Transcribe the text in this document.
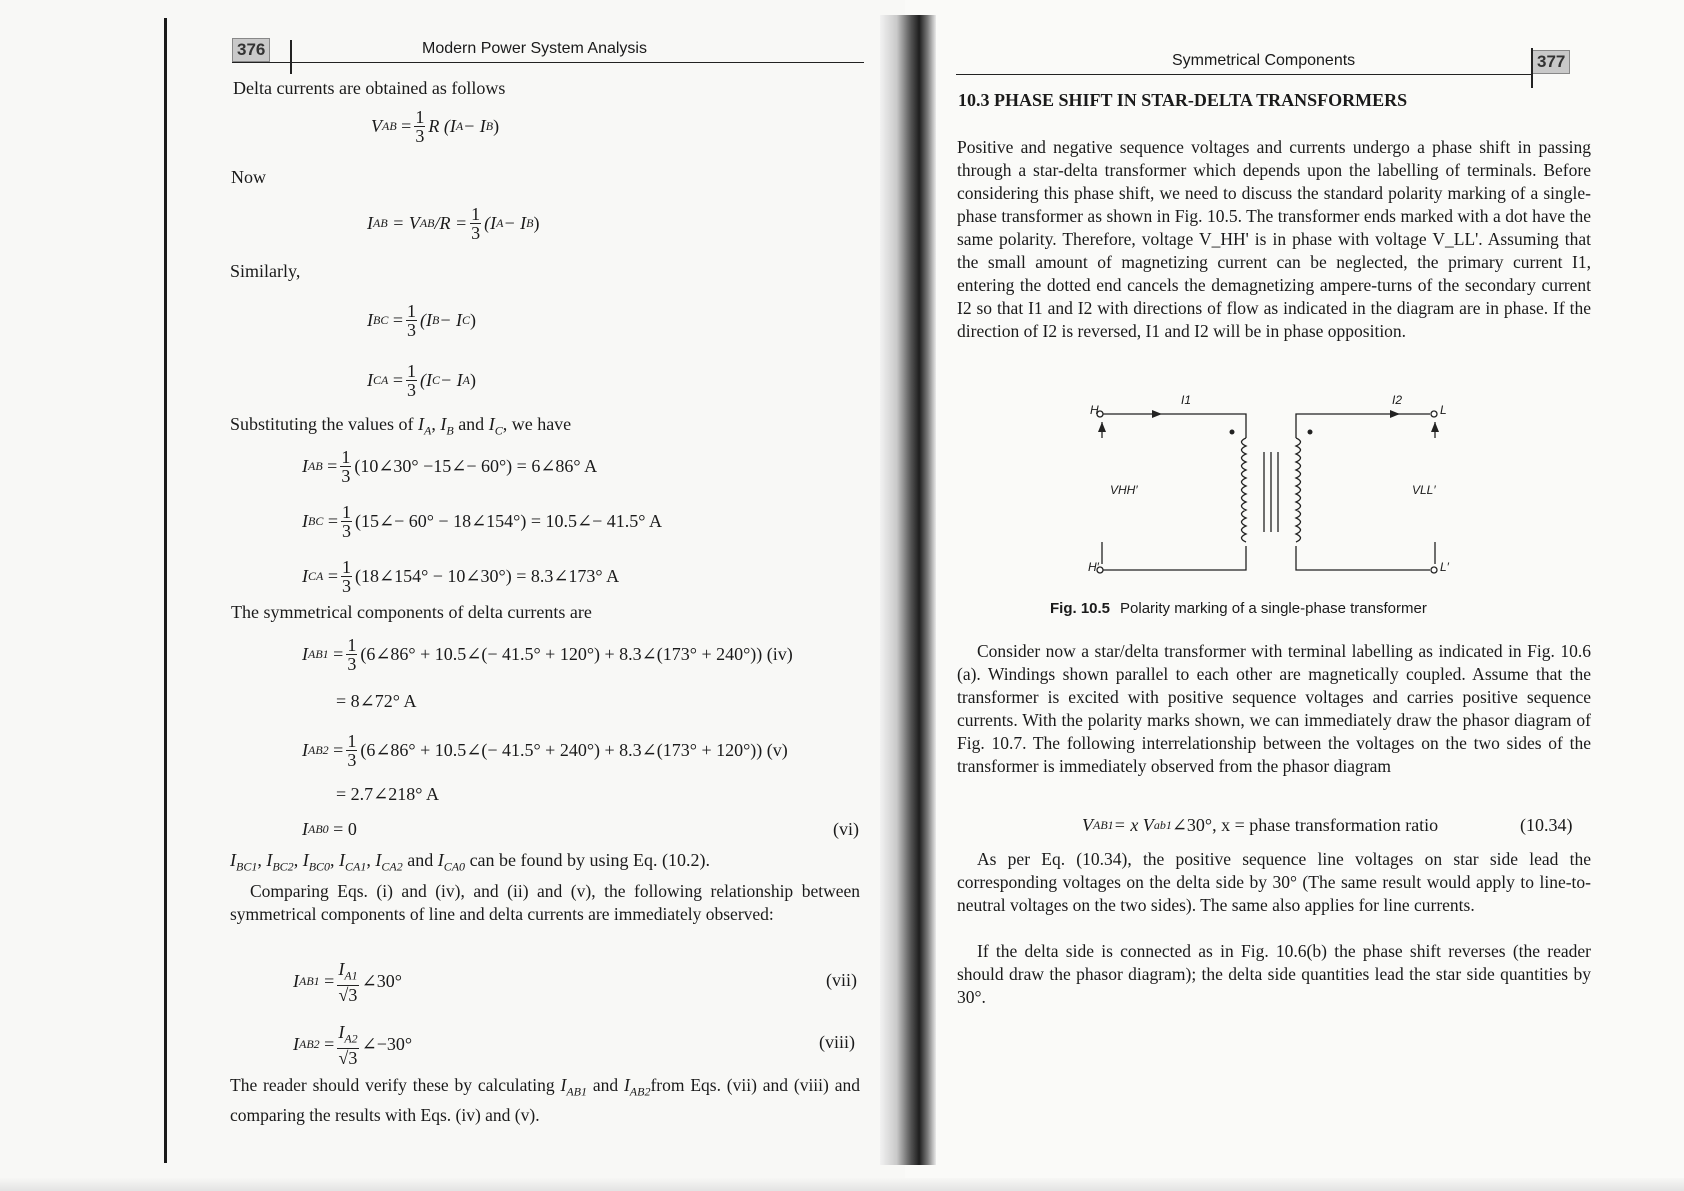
376	Modern Power System Analysis
Delta currents are obtained as follows
V AB
= $\frac{1}{3}$ R (I A − I B )
Now
I AB
= V AB $/R = \frac{1}{3} (I$ A − I B )
Similarly,
I BC = $\frac{1}{3} (I$ B − I C )
I CA = $\frac{1}{3} (I$ C − I A )
Substituting the values of $I_A$, $I_B$ and $I_C$, we have
I AB = $\frac{1}{3}$ (10∠30° −15∠− 60°) = 6∠86° A
I BC = $\frac{1}{3}$ (15∠− 60° − 18∠154°) = 10.5∠− 41.5° A
I CA = $\frac{1}{3}$ (18∠154° − 10∠30°) = 8.3∠173° A
The symmetrical components of delta currents are
I $AB1 = \frac{1}{3}$ (6∠86° + 10.5∠(− 41.5° + 120°) + 8.3∠(173° + 240°)) (iv)
= 8∠72° A
I $AB2 = \frac{1}{3}$ (6∠86° + 10.5∠(− 41.5° + 240°) + 8.3∠(173° + 120°)) (v)
= 2.7∠218° A
I AB0
= 0	(vi)
$I_{BC1}$, $I_{BC2}$, $I_{BC0}$, $I_{CA1}$, $I_{CA2}$ and $I_{CA0}$ can be found by using Eq. (10.2).
Comparing Eqs. (i) and (iv), and (ii) and (v), the following relationship between symmetrical components of line and delta currents are immediately observed:
I $AB1 = \frac{I_{A1}}{√3}$ ∠30°	(vii)
I $AB2 = \frac{I_{A2}}{√3}$ ∠−30°	(viii)
The reader should verify these by calculating $I_{AB1}$ and $I_{AB2}from$ Eqs. (vii) and (viii) and comparing the results with Eqs. (iv) and (v).
Symmetrical Components	377
10.3 PHASE SHIFT IN STAR-DELTA TRANSFORMERS
Positive and negative sequence voltages and currents undergo a phase shift in passing through a star-delta transformer which depends upon the labelling of terminals. Before considering this phase shift, we need to discuss the standard polarity marking of a single-phase transformer as shown in Fig. 10.5. The transformer ends marked with a dot have the same polarity. Therefore, voltage V_HH' is in phase with voltage V_LL'. Assuming that the small amount of magnetizing current can be neglected, the primary current I1, entering the dotted end cancels the demagnetizing ampere-turns of the secondary current I2 so that I1 and I2 with directions of flow as indicated in the diagram are in phase. If the direction of I2 is reversed, I1 and I2 will be in phase opposition.
H
H′
L
L′
I1	I2
VHH′	VLL′
Fig. 10.5 Polarity marking of a single-phase transformer
Consider now a star/delta transformer with terminal labelling as indicated in Fig. 10.6 (a). Windings shown parallel to each other are magnetically coupled. Assume that the transformer is excited with positive sequence voltages and carries positive sequence currents. With the polarity marks shown, we can immediately draw the phasor diagram of Fig. 10.7. The following interrelationship between the voltages on the two sides of the transformer is immediately observed from the phasor diagram
V AB1 = x V ab1 ∠30°, x = phase transformation ratio	(10.34)
As per Eq. (10.34), the positive sequence line voltages on star side lead the corresponding voltages on the delta side by 30° (The same result would apply to line-to-neutral voltages on the two sides). The same also applies for line currents.
If the delta side is connected as in Fig. 10.6(b) the phase shift reverses (the reader should draw the phasor diagram); the delta side quantities lead the star side quantities by 30°.
